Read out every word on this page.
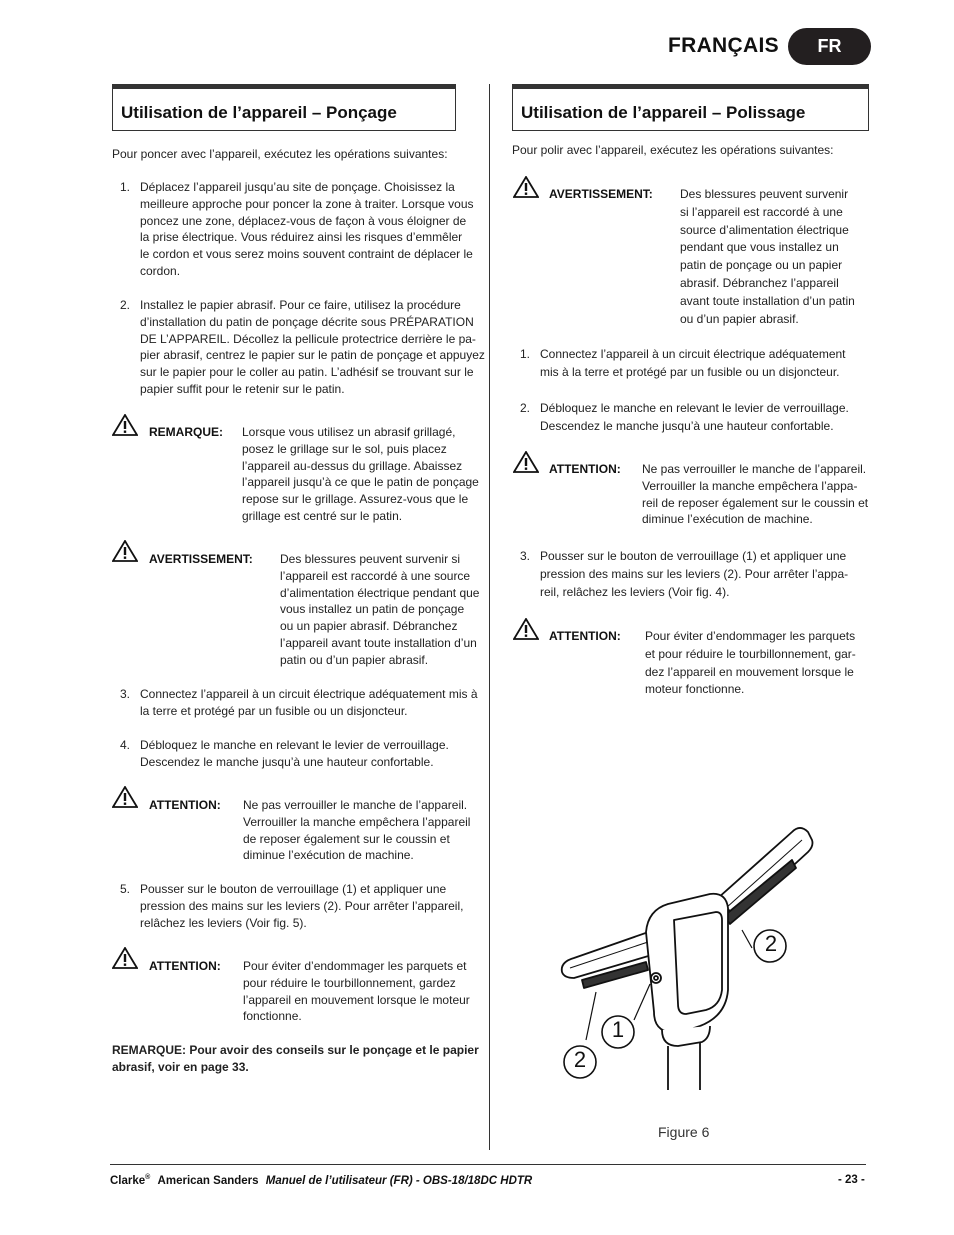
FRANÇAIS	FR
Utilisation de l’appareil – Ponçage
Pour poncer avec l’appareil, exécutez les opérations suivantes:
1. Déplacez l’appareil jusqu’au site de ponçage. Choisissez la
meilleure approche pour poncer la zone à traiter. Lorsque vous
poncez une zone, déplacez-vous de façon à vous éloigner de
la prise électrique. Vous réduirez ainsi les risques d’emmêler
le cordon et vous serez moins souvent contraint de déplacer le
cordon.
2. Installez le papier abrasif. Pour ce faire, utilisez la procédure
d’installation du patin de ponçage décrite sous PRÉPARATION
DE L’APPAREIL. Décollez la pellicule protectrice derrière le pa-
pier abrasif, centrez le papier sur le patin de ponçage et appuyez
sur le papier pour le coller au patin. L’adhésif se trouvant sur le
papier suffit pour le retenir sur le patin.
REMARQUE: Lorsque vous utilisez un abrasif grillagé,
posez le grillage sur le sol, puis placez
l’appareil au-dessus du grillage. Abaissez
l’appareil jusqu’à ce que le patin de ponçage
repose sur le grillage. Assurez-vous que le
grillage est centré sur le patin.
AVERTISSEMENT: Des blessures peuvent survenir si
l’appareil est raccordé à une source
d’alimentation électrique pendant que
vous installez un patin de ponçage
ou un papier abrasif. Débranchez
l’appareil avant toute installation d’un
patin ou d’un papier abrasif.
3. Connectez l’appareil à un circuit électrique adéquatement mis à
la terre et protégé par un fusible ou un disjoncteur.
4. Débloquez le manche en relevant le levier de verrouillage.
Descendez le manche jusqu’à une hauteur confortable.
ATTENTION: Ne pas verrouiller le manche de l’appareil.
Verrouiller la manche empêchera l’appareil
de reposer également sur le coussin et
diminue l’exécution de machine.
5. Pousser sur le bouton de verrouillage (1) et appliquer une
pression des mains sur les leviers (2). Pour arrêter l’appareil,
relâchez les leviers (Voir fig. 5).
ATTENTION: Pour éviter d’endommager les parquets et
pour réduire le tourbillonnement, gardez
l’appareil en mouvement lorsque le moteur
fonctionne.
REMARQUE: Pour avoir des conseils sur le ponçage et le papier
abrasif, voir en page 33.
Utilisation de l’appareil – Polissage
Pour polir avec l’appareil, exécutez les opérations suivantes:
AVERTISSEMENT: Des blessures peuvent survenir
si l’appareil est raccordé à une
source d’alimentation électrique
pendant que vous installez un
patin de ponçage ou un papier
abrasif. Débranchez l’appareil
avant toute installation d’un patin
ou d’un papier abrasif.
1. Connectez l’appareil à un circuit électrique adéquatement
mis à la terre et protégé par un fusible ou un disjoncteur.
2. Débloquez le manche en relevant le levier de verrouillage.
Descendez le manche jusqu’à une hauteur confortable.
ATTENTION: Ne pas verrouiller le manche de l’appareil.
Verrouiller la manche empêchera l’appa-
reil de reposer également sur le coussin et
diminue l’exécution de machine.
3. Pousser sur le bouton de verrouillage (1) et appliquer une
pression des mains sur les leviers (2). Pour arrêter l’appa-
reil, relâchez les leviers (Voir fig. 4).
ATTENTION: Pour éviter d’endommager les parquets
et pour réduire le tourbillonnement, gar-
dez l’appareil en mouvement lorsque le
moteur fonctionne.
2
1
2
Figure 6
Clarke® American Sanders Manuel de l’utilisateur (FR) - OBS-18/18DC HDTR	- 23 -
